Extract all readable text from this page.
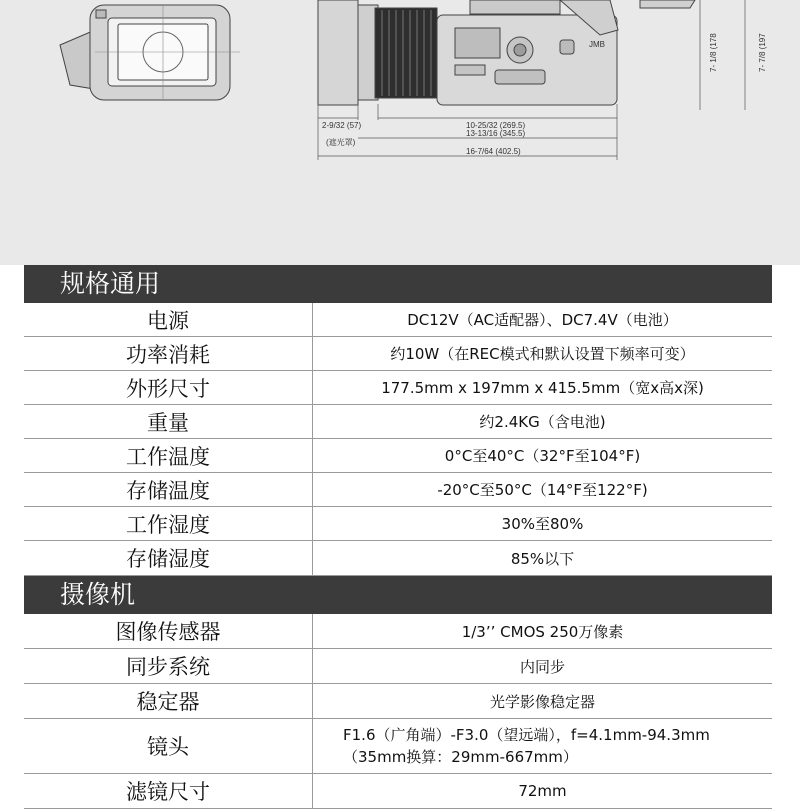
JMB
2-9/32 (57)
(遮光罩)
10-25/32 (269.5)
13-13/16 (345.5)
16-7/64 (402.5)
7- 1/8 (178	7- 7/8 (197
规格通用
电源	DC12V（AC适配器）、DC7.4V（电池）
功率消耗	约10W（在REC模式和默认设置下频率可变）
外形尺寸	177.5mm x 197mm x 415.5mm（宽x高x深)
重量	约2.4KG（含电池)
工作温度	0°C至40°C（32°F至104°F)
存储温度	-20°C至50°C（14°F至122°F)
工作湿度	30%至80%
存储湿度	85%以下
摄像机
图像传感器	1/3’’ CMOS 250万像素
同步系统	内同步
稳定器	光学影像稳定器
镜头	F1.6（广角端）-F3.0（望远端），f=4.1mm-94.3mm
（35mm换算：29mm-667mm）
滤镜尺寸	72mm
